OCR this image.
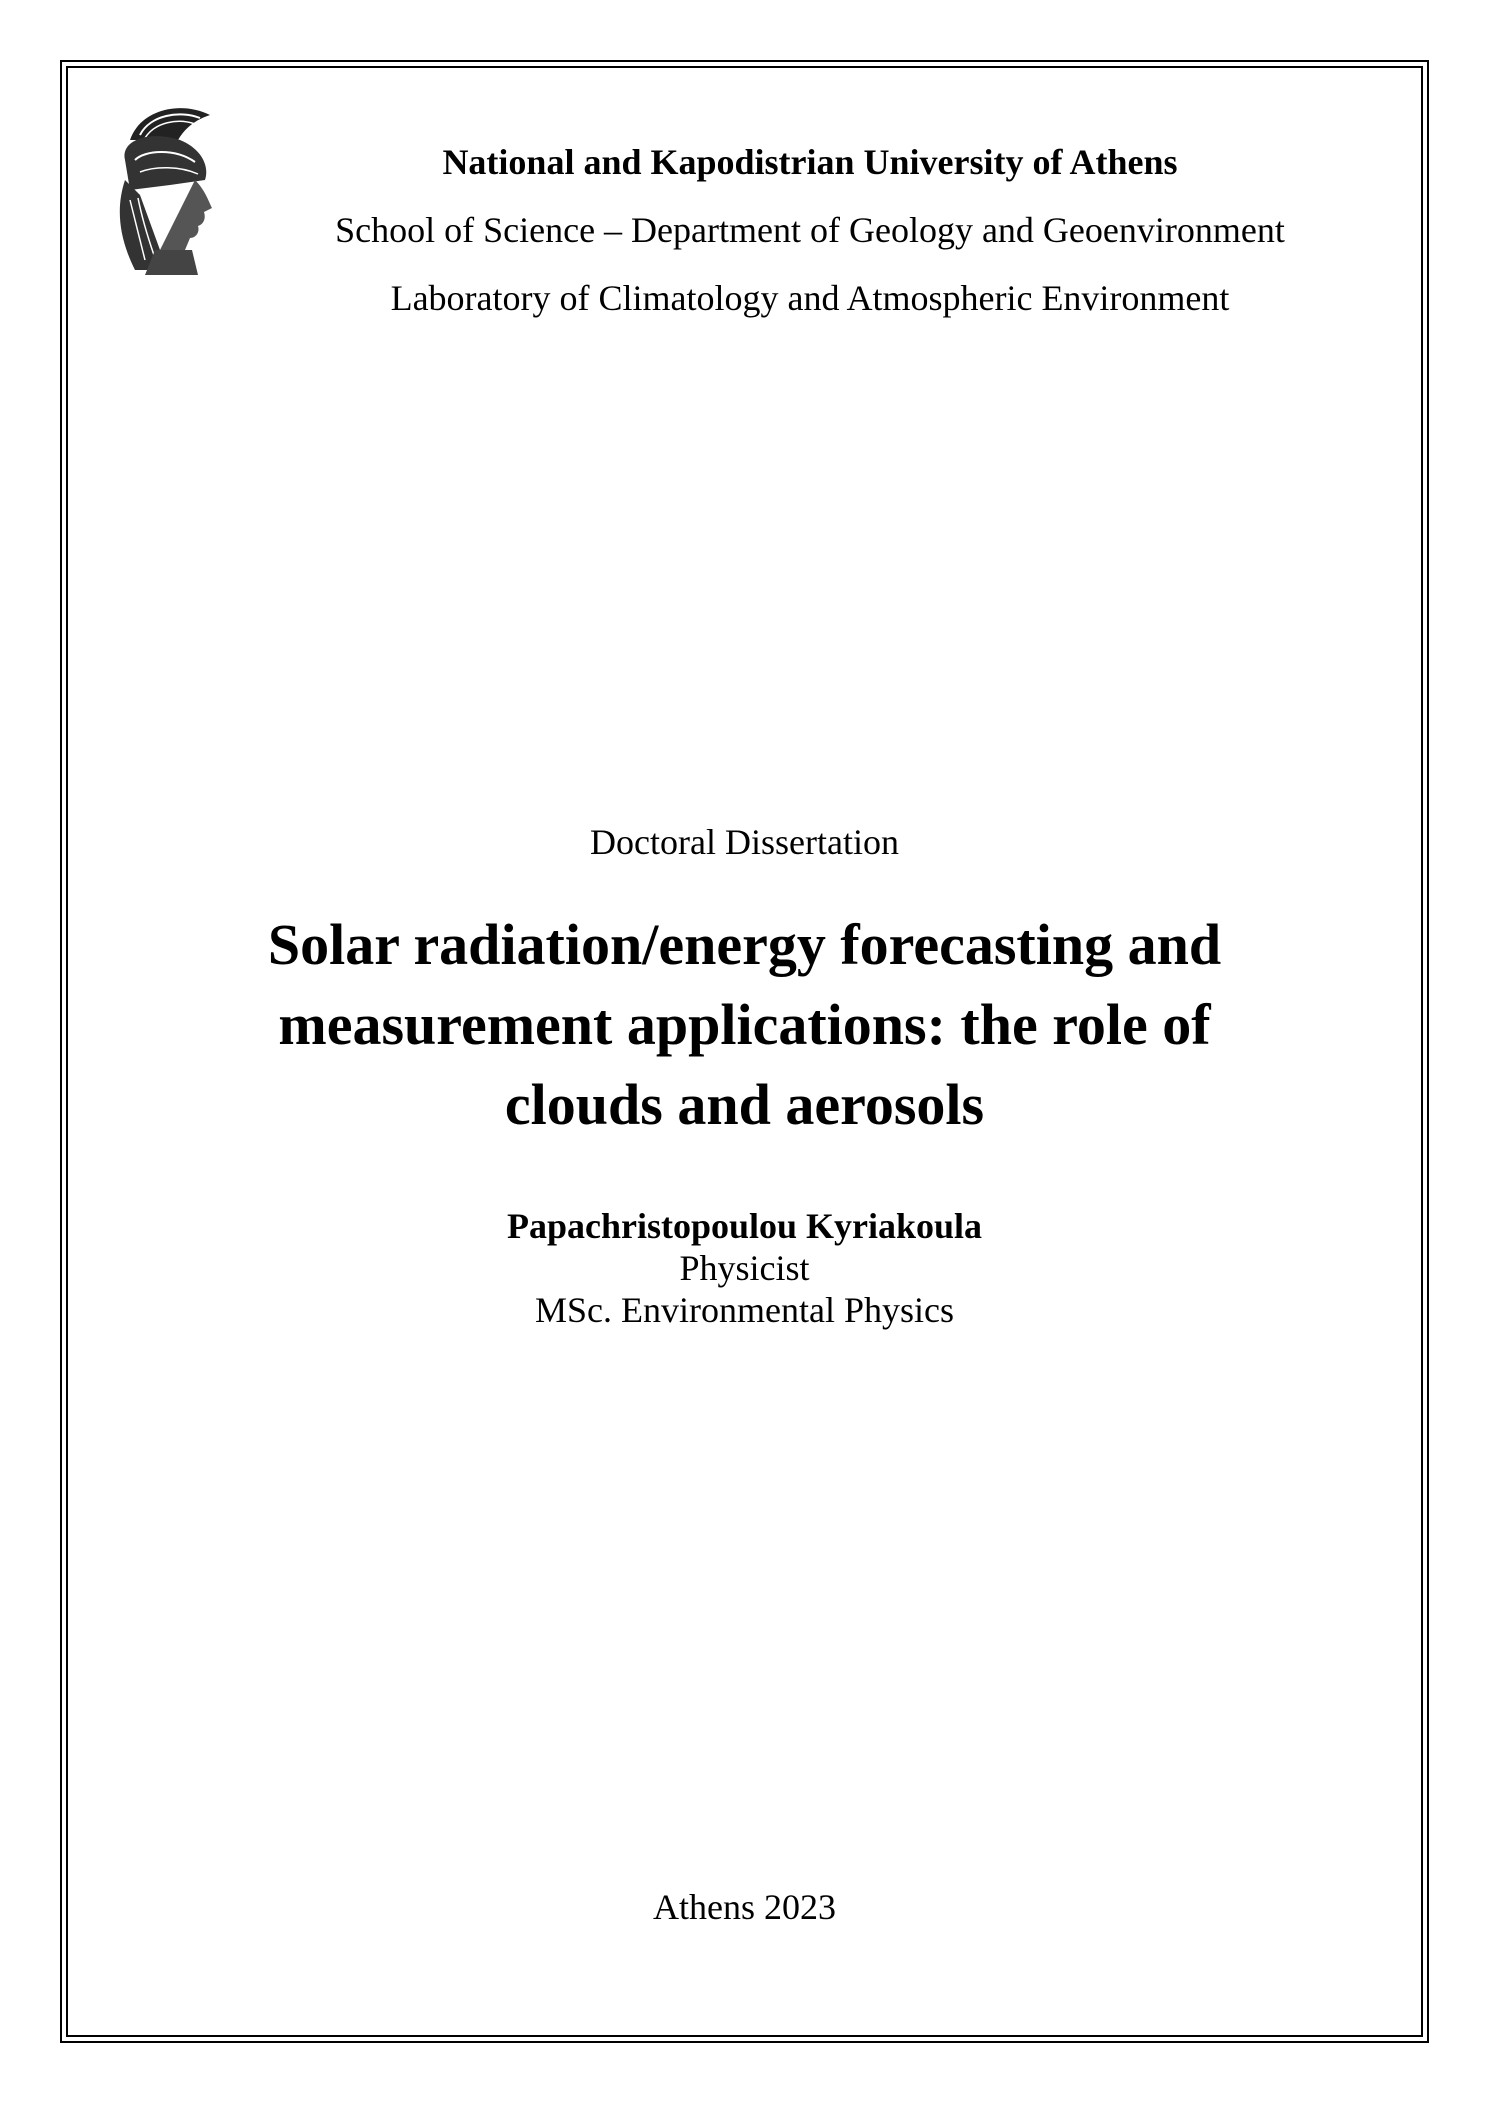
National and Kapodistrian University of Athens
School of Science – Department of Geology and Geoenvironment
Laboratory of Climatology and Atmospheric Environment
Doctoral Dissertation
Solar radiation/energy forecasting and
measurement applications: the role of
clouds and aerosols
Papachristopoulou Kyriakoula
Physicist
MSc. Environmental Physics
Athens 2023
